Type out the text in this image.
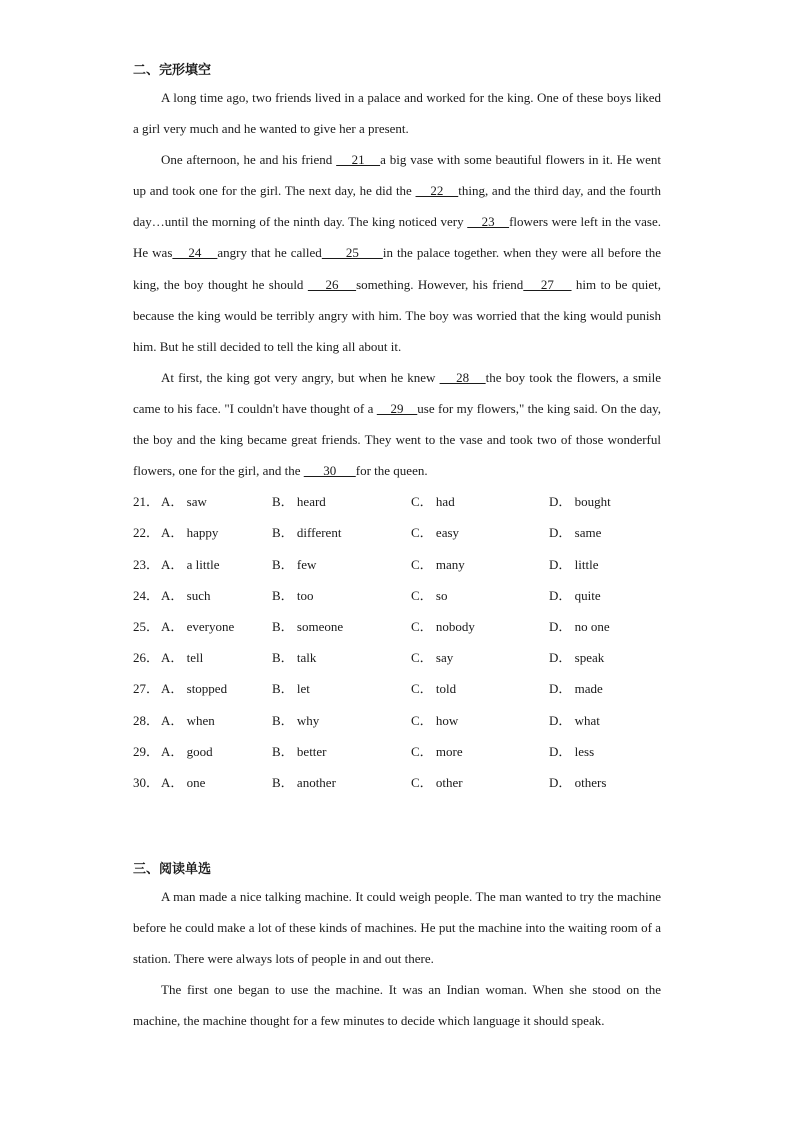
二、完形填空

A long time ago, two friends lived in a palace and worked for the king. One of these boys liked a girl very much and he wanted to give her a present.

One afternoon, he and his friend     21    a big vase with some beautiful flowers in it. He went up and took one for the girl. The next day, he did the     22    thing, and the third day, and the fourth day…until the morning of the ninth day. The king noticed very     23    flowers were left in the vase. He was    24    angry that he called      25      in the palace together. when they were all before the king, the boy thought he should     26    something. However, his friend    27     him to be quiet, because the king would be terribly angry with him. The boy was worried that the king would punish him. But he still decided to tell the king all about it.

At first, the king got very angry, but when he knew     28    the boy took the flowers, a smile came to his face. "I couldn't have thought of a     29    use for my flowers," the king said. On the day, the boy and the king became great friends. They went to the vase and took two of those wonderful flowers, one for the girl, and the       30      for the queen.

21． A． saw	B． heard	C． had	D． bought
22． A． happy	B． different	C． easy	D． same
23． A． a little	B． few	C． many	D． little
24． A． such	B． too	C． so	D． quite
25． A． everyone	B． someone	C． nobody	D． no one
26． A． tell	B． talk	C． say	D． speak
27． A． stopped	B． let	C． told	D． made
28． A． when	B． why	C． how	D． what
29． A． good	B． better	C． more	D． less
30． A． one	B． another	C． other	D． others
三、阅读单选

A man made a nice talking machine. It could weigh people. The man wanted to try the machine before he could make a lot of these kinds of machines. He put the machine into the waiting room of a station. There were always lots of people in and out there.

The first one began to use the machine. It was an Indian woman. When she stood on the machine, the machine thought for a few minutes to decide which language it should speak.
